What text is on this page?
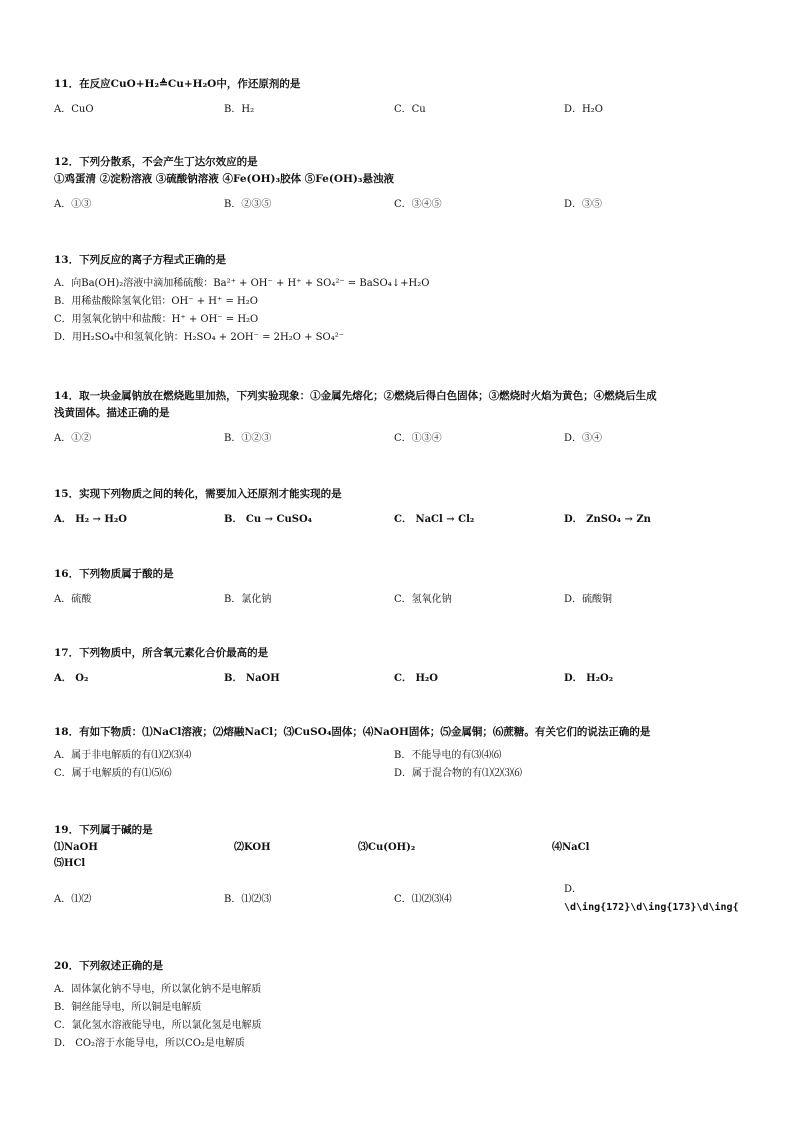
11．在反应CuO+H₂≜Cu+H₂O中，作还原剂的是
A．CuO	B．H₂	C．Cu	D．H₂O
12．下列分散系，不会产生丁达尔效应的是
①鸡蛋清 ②淀粉溶液 ③硫酸钠溶液 ④Fe(OH)₃胶体 ⑤Fe(OH)₃悬浊液
A．①③	B．②③⑤	C．③④⑤	D．③⑤
13．下列反应的离子方程式正确的是
A．向Ba(OH)₂溶液中滴加稀硫酸：Ba²⁺ + OH⁻ + H⁺ + SO₄²⁻ = BaSO₄↓+H₂O
B．用稀盐酸除氢氧化铝：OH⁻ + H⁺ = H₂O
C．用氢氧化钠中和盐酸：H⁺ + OH⁻ = H₂O
D．用H₂SO₄中和氢氧化钠：H₂SO₄ + 2OH⁻ = 2H₂O + SO₄²⁻
14．取一块金属钠放在燃烧匙里加热，下列实验现象：①金属先熔化；②燃烧后得白色固体；③燃烧时火焰为黄色；④燃烧后生成
浅黄固体。描述正确的是
A．①②	B．①②③	C．①③④	D．③④
15．实现下列物质之间的转化，需要加入还原剂才能实现的是
A． H₂ → H₂O	B． Cu → CuSO₄	C． NaCl → Cl₂	D． ZnSO₄ → Zn
16．下列物质属于酸的是
A．硫酸	B．氯化钠	C．氢氧化钠	D．硫酸铜
17．下列物质中，所含氧元素化合价最高的是
A． O₂	B． NaOH	C． H₂O	D． H₂O₂
18．有如下物质：⑴NaCl溶液；⑵熔融NaCl；⑶CuSO₄固体；⑷NaOH固体；⑸金属铜；⑹蔗糖。有关它们的说法正确的是
A．属于非电解质的有⑴⑵⑶⑷	B．不能导电的有⑶⑷⑹
C．属于电解质的有⑴⑸⑹	D．属于混合物的有⑴⑵⑶⑹
19．下列属于碱的是
⑴NaOH	⑵KOH	⑶Cu(OH)₂	⑷NaCl
⑸HCl
A．⑴⑵	B．⑴⑵⑶	C．⑴⑵⑶⑷
D．
\d\ing{172}\d\ing{173}\d\ing{
20．下列叙述正确的是
A．固体氯化钠不导电，所以氯化钠不是电解质
B．铜丝能导电，所以铜是电解质
C．氯化氢水溶液能导电，所以氯化氢是电解质
D． CO₂溶于水能导电，所以CO₂是电解质
